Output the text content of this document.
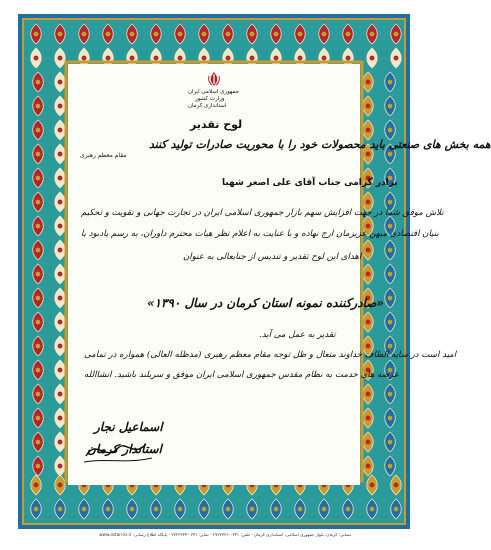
جمهوری اسلامی ایران
وزارت کشور
استانداری کرمان
لوح تقدیر
همه بخش های صنعتی باید محصولات خود را با محوریت صادرات تولید کنند
مقام معظم رهبری
برادر گرامی جناب آقای علی اصغر شهبا
تلاش موفق شما در جهت افزایش سهم بازار جمهوری اسلامی ایران در تجارت جهانی و تقویت و تحکیم
بنیان اقتصادی میهن عزیزمان ارج نهاده و با عنایت به اعلام نظر هیات محترم داوران، به رسم یادبود با
اهدای این لوح تقدیر و تندیس از جنابعالی به عنوان
«صادرکننده نمونه استان کرمان در سال ۱۳۹۰»
تقدیر به عمل می آید.
امید است در سایه الطاف خداوند متعال و ظل توجه مقام معظم رهبری (مدظله العالی) همواره در تمامی
عرصه های خدمت به نظام مقدس جمهوری اسلامی ایران موفق و سربلند باشید. انشاالله
اسماعیل نجار
استاندار کرمان
نشانی: کرمان، بلوار جمهوری اسلامی، استانداری کرمان - تلفن: ۰۳۴۱-۲۷۲۲۳۳۱ - نمابر: ۰۳۴۱-۲۷۲۲۳۳۴ - پایگاه اطلاع رسانی: www.ostan-kr.ir
